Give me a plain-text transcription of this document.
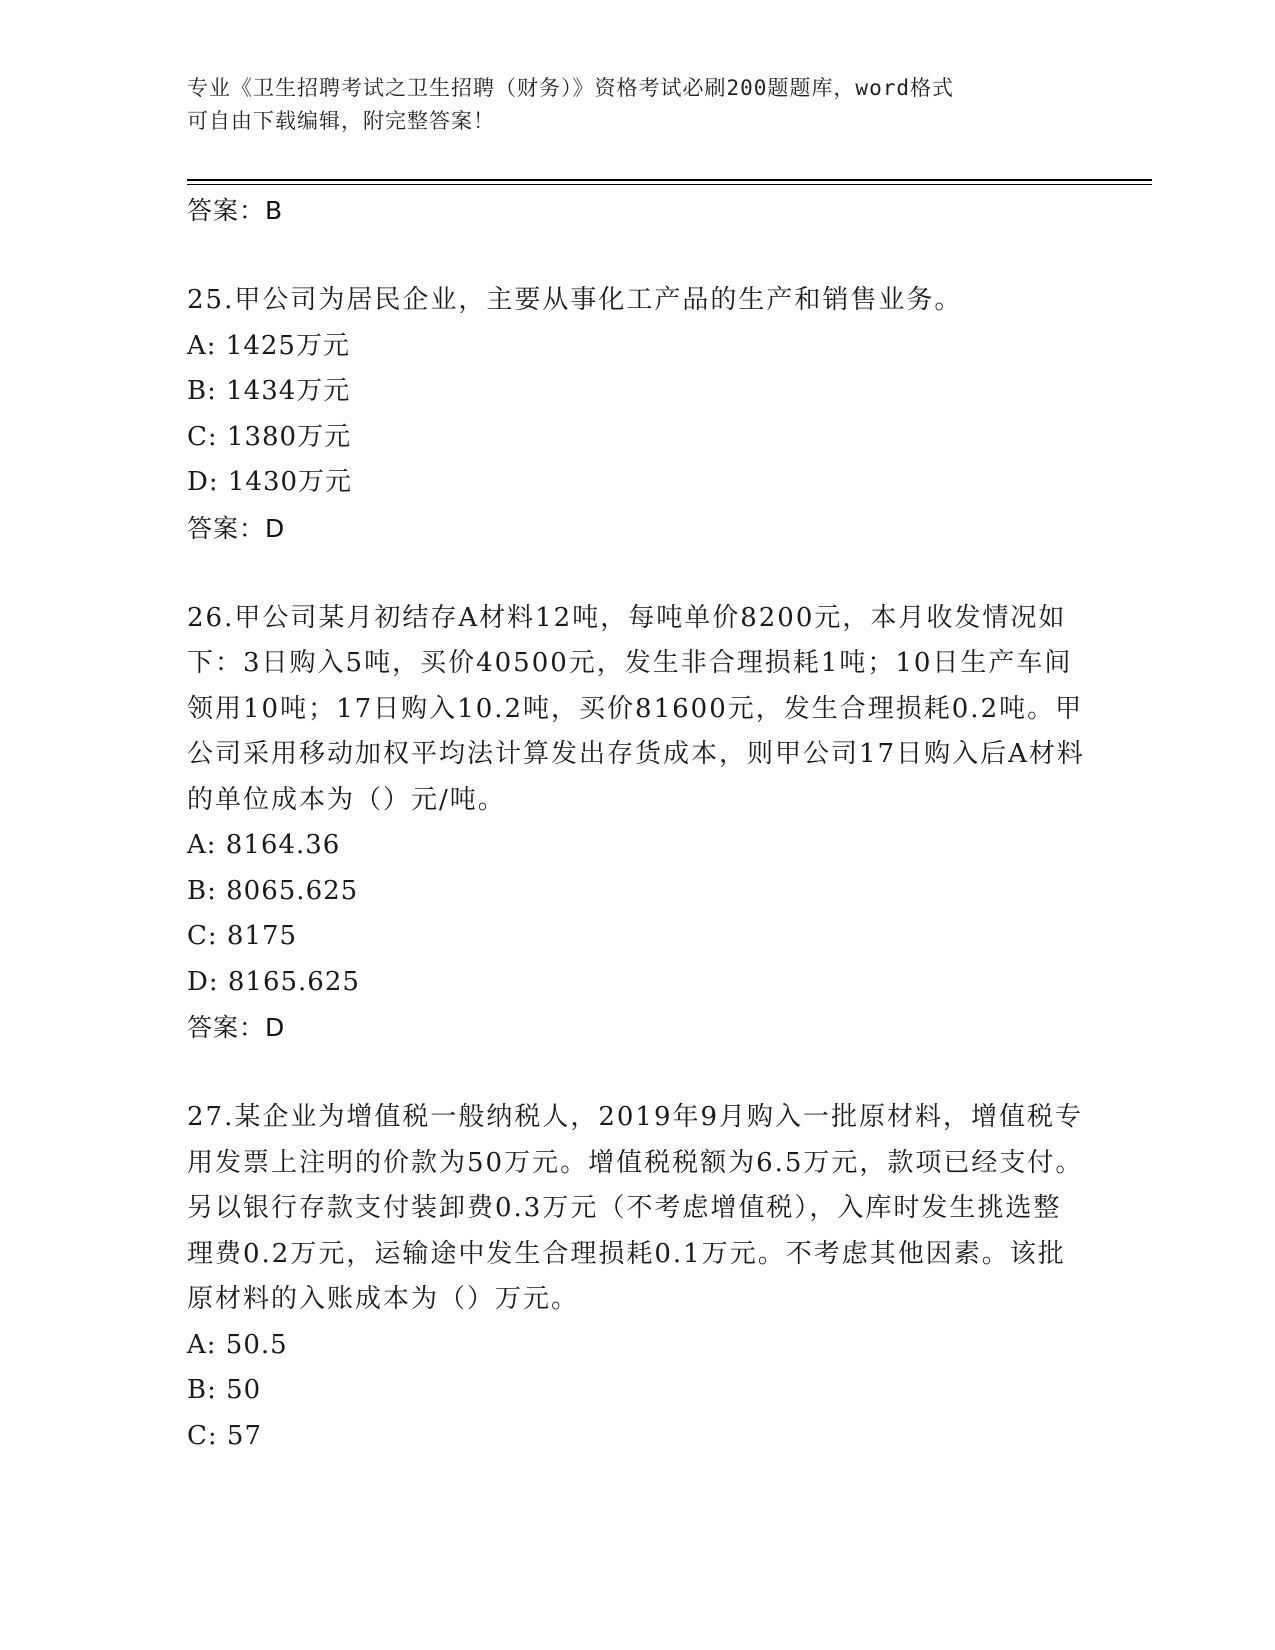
专业《卫生招聘考试之卫生招聘（财务）》资格考试必刷200题题库，word格式
可自由下载编辑，附完整答案！
答案：B

25.甲公司为居民企业，主要从事化工产品的生产和销售业务。

A: 1425万元
B: 1434万元
C: 1380万元
D: 1430万元
答案：D

26.甲公司某月初结存A材料12吨，每吨单价8200元，本月收发情况如下：3日购入5吨，买价40500元，发生非合理损耗1吨；10日生产车间领用10吨；17日购入10.2吨，买价81600元，发生合理损耗0.2吨。甲公司采用移动加权平均法计算发出存货成本，则甲公司17日购入后A材料的单位成本为（）元/吨。

A: 8164.36
B: 8065.625
C: 8175
D: 8165.625
答案：D

27.某企业为增值税一般纳税人，2019年9月购入一批原材料，增值税专用发票上注明的价款为50万元。增值税税额为6.5万元，款项已经支付。另以银行存款支付装卸费0.3万元（不考虑增值税），入库时发生挑选整理费0.2万元，运输途中发生合理损耗0.1万元。不考虑其他因素。该批原材料的入账成本为（）万元。

A: 50.5
B: 50
C: 57
